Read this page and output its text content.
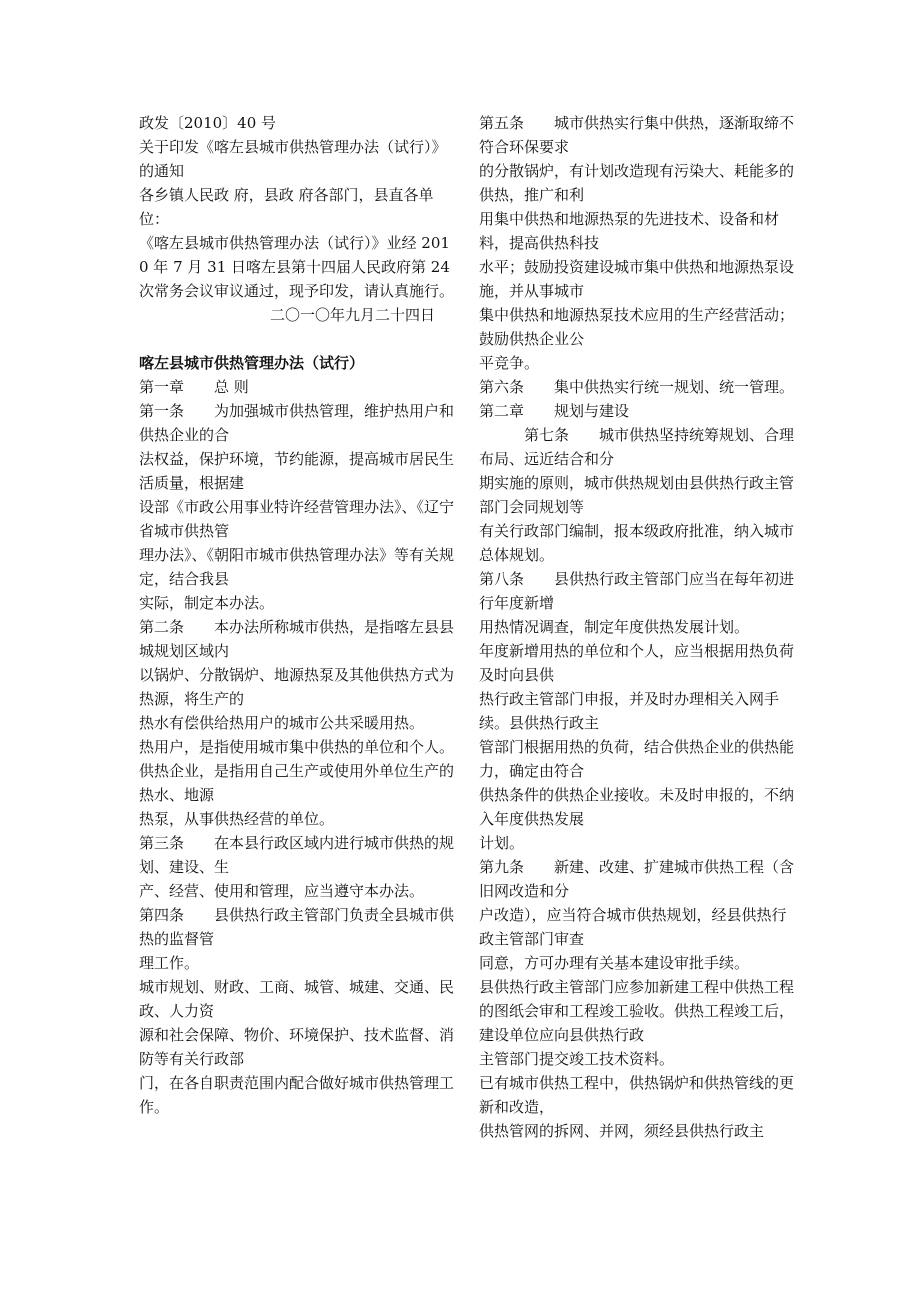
政发〔2010〕40 号

关于印发《喀左县城市供热管理办法（试行）》 的通知

各乡镇人民政 府，县政 府各部门，县直各单位：

《喀左县城市供热管理办法（试行）》业经 2010 年 7 月 31 日喀左县第十四届人民政府第 24 次常务会议审议通过，现予印发，请认真施行。

二〇一〇年九月二十四日

喀左县城市供热管理办法（试行）

第一章　　总 则

第一条　　为加强城市供热管理，维护热用户和供热企业的合

法权益，保护环境，节约能源，提高城市居民生活质量，根据建

设部《市政公用事业特许经营管理办法》、《辽宁省城市供热管

理办法》、《朝阳市城市供热管理办法》等有关规定，结合我县

实际，制定本办法。

第二条　　本办法所称城市供热，是指喀左县县城规划区域内

以锅炉、分散锅炉、地源热泵及其他供热方式为热源，将生产的

热水有偿供给热用户的城市公共采暖用热。

热用户，是指使用城市集中供热的单位和个人。

供热企业，是指用自己生产或使用外单位生产的热水、地源

热泵，从事供热经营的单位。

第三条　　在本县行政区域内进行城市供热的规划、建设、生

产、经营、使用和管理，应当遵守本办法。

第四条　　县供热行政主管部门负责全县城市供热的监督管

理工作。

城市规划、财政、工商、城管、城建、交通、民政、人力资

源和社会保障、物价、环境保护、技术监督、消防等有关行政部

门，在各自职责范围内配合做好城市供热管理工作。

第五条　　城市供热实行集中供热，逐渐取缔不符合环保要求

的分散锅炉，有计划改造现有污染大、耗能多的供热，推广和利

用集中供热和地源热泵的先进技术、设备和材料，提高供热科技

水平；鼓励投资建设城市集中供热和地源热泵设施，并从事城市

集中供热和地源热泵技术应用的生产经营活动；鼓励供热企业公

平竞争。

第六条　　集中供热实行统一规划、统一管理。

第二章　　规划与建设

　　　第七条　　城市供热坚持统筹规划、合理布局、远近结合和分

期实施的原则，城市供热规划由县供热行政主管部门会同规划等

有关行政部门编制，报本级政府批准，纳入城市总体规划。

第八条　　县供热行政主管部门应当在每年初进行年度新增

用热情况调查，制定年度供热发展计划。

年度新增用热的单位和个人，应当根据用热负荷及时向县供

热行政主管部门申报，并及时办理相关入网手续。县供热行政主

管部门根据用热的负荷，结合供热企业的供热能力，确定由符合

供热条件的供热企业接收。未及时申报的，不纳入年度供热发展

计划。

第九条　　新建、改建、扩建城市供热工程（含旧网改造和分

户改造），应当符合城市供热规划，经县供热行政主管部门审查

同意，方可办理有关基本建设审批手续。

县供热行政主管部门应参加新建工程中供热工程的图纸会审和工程竣工验收。供热工程竣工后，建设单位应向县供热行政

主管部门提交竣工技术资料。

已有城市供热工程中，供热锅炉和供热管线的更新和改造，

供热管网的拆网、并网，须经县供热行政主
